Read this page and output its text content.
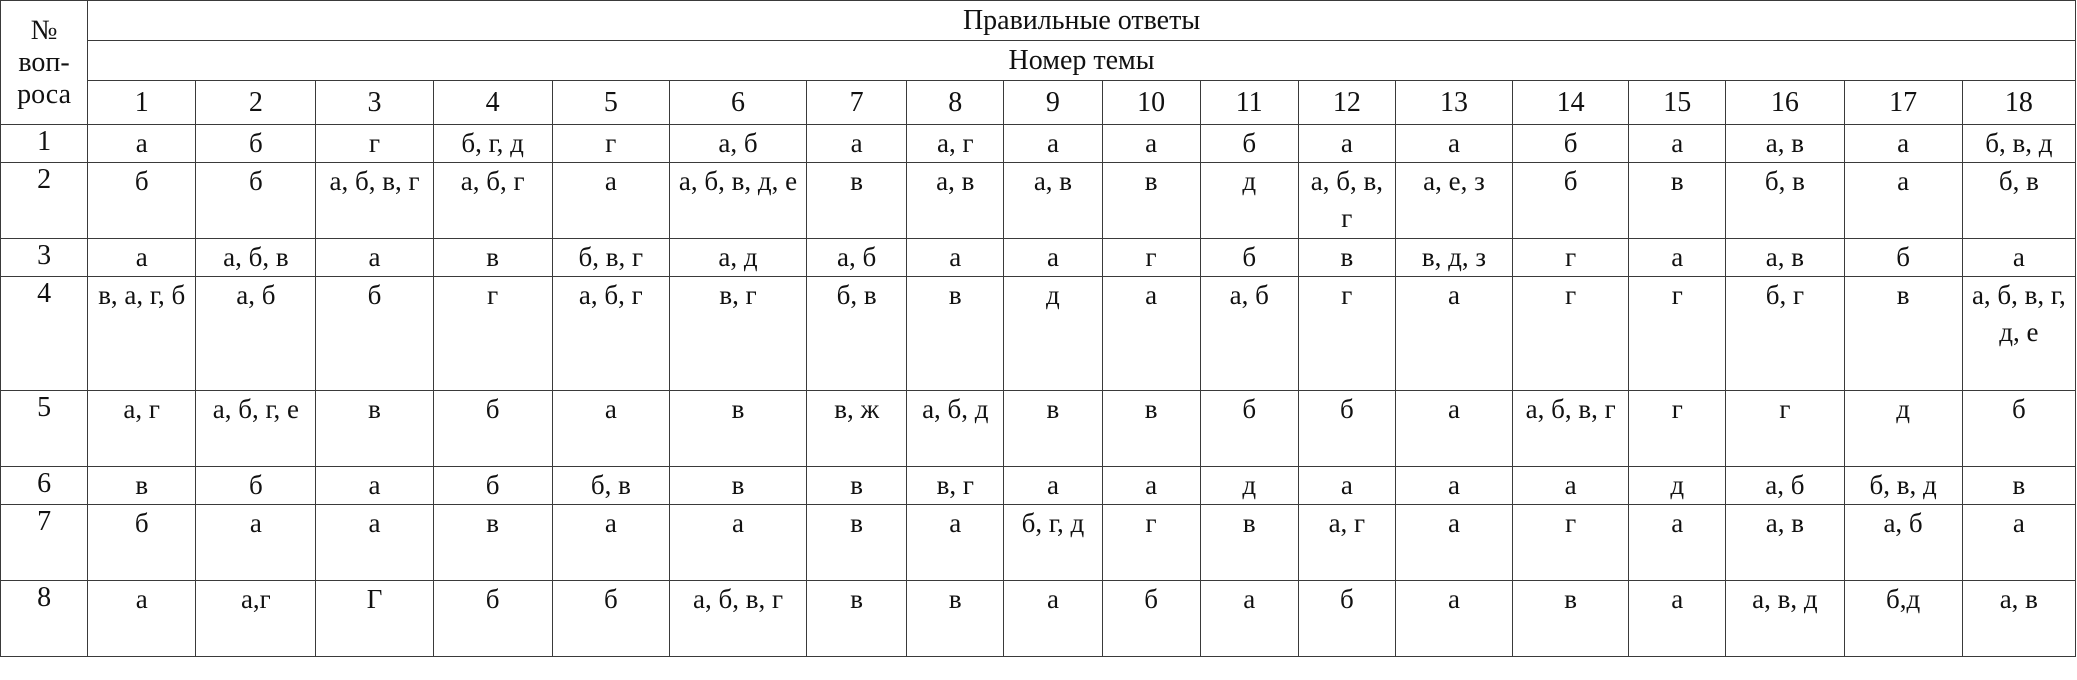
№
воп-
роса	Правильные ответы																	
	Номер темы																	
	1	2	3	4	5	6	7	8	9	10	11	12	13	14	15	16	17	18
1	а	б	г	б, г, д	г	а, б	а	а, г	а	а	б	а	а	б	а	а, в	а	б, в, д

2	б	б	а, б, в, г	а, б, г	а	а, б, в, д, е	в	а, в	а, в	в	д	а, б, в, г	а, е, з	б	в	б, в	а	б, в

3	а	а, б, в	а	в	б, в, г	а, д	а, б	а	а	г	б	в	в, д, з	г	а	а, в	б	а

4	в, а, г, б	а, б	б	г	а, б, г	в, г	б, в	в	д	а	а, б	г	а	г	г	б, г	в	а, б, в, г, д, е

5	а, г	а, б, г, е	в	б	а	в	в, ж	а, б, д	в	в	б	б	а	а, б, в, г	г	г	д	б

6	в	б	а	б	б, в	в	в	в, г	а	а	д	а	а	а	д	а, б	б, в, д	в

7	б	а	а	в	а	а	в	а	б, г, д	г	в	а, г	а	г	а	а, в	а, б	а

8	а	а,г	Г	б	б	а, б, в, г	в	в	а	б	а	б	а	в	а	а, в, д	б,д	а, в
